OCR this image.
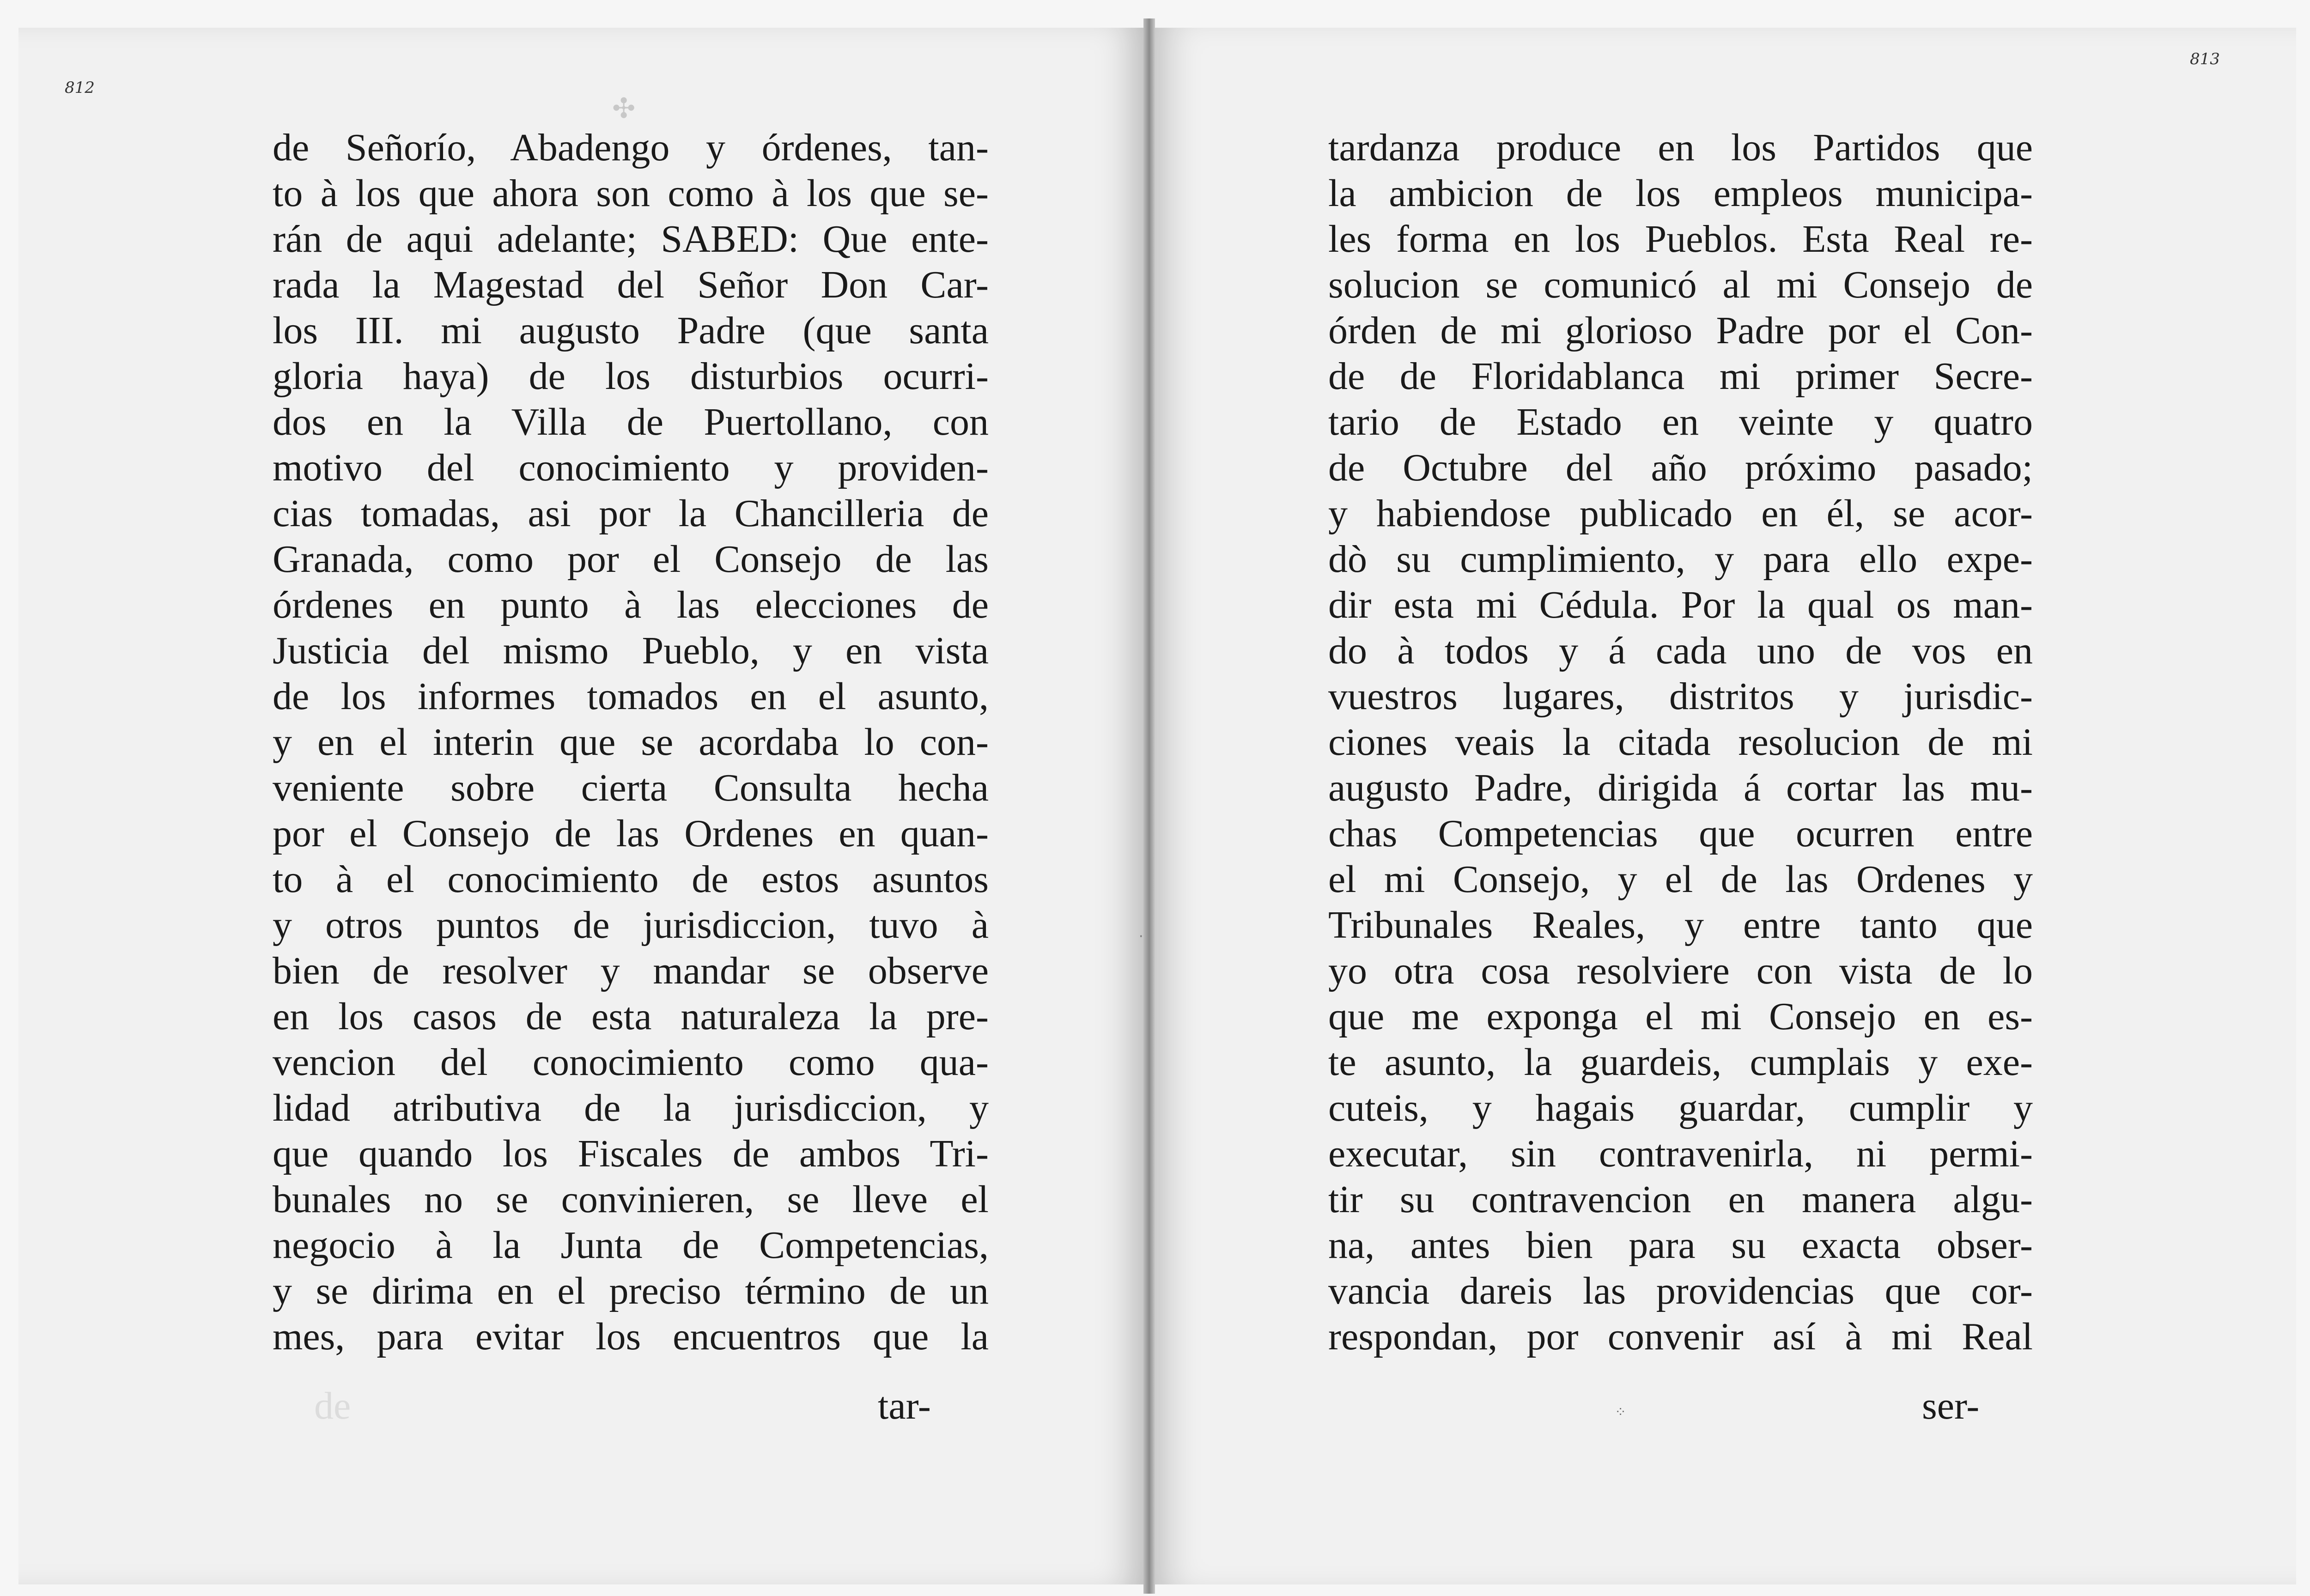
812
813
✣
de Señorío, Abadengo y órdenes, tan-
to à los que ahora son como à los que se-
rán de aqui adelante; SABED: Que ente-
rada la Magestad del Señor Don Car-
los III. mi augusto Padre (que santa
gloria haya) de los disturbios ocurri-
dos en la Villa de Puertollano, con
motivo del conocimiento y providen-
cias tomadas, asi por la Chancilleria de
Granada, como por el Consejo de las
órdenes en punto à las elecciones de
Justicia del mismo Pueblo, y en vista
de los informes tomados en el asunto,
y en el interin que se acordaba lo con-
veniente sobre cierta Consulta hecha
por el Consejo de las Ordenes en quan-
to à el conocimiento de estos asuntos
y otros puntos de jurisdiccion, tuvo à
bien de resolver y mandar se observe
en los casos de esta naturaleza la pre-
vencion del conocimiento como qua-
lidad atributiva de la jurisdiccion, y
que quando los Fiscales de ambos Tri-
bunales no se convinieren, se lleve el
negocio à la Junta de Competencias,
y se dirima en el preciso término de un
mes, para evitar los encuentros que la
tardanza produce en los Partidos que
la ambicion de los empleos municipa-
les forma en los Pueblos. Esta Real re-
solucion se comunicó al mi Consejo de
órden de mi glorioso Padre por el Con-
de de Floridablanca mi primer Secre-
tario de Estado en veinte y quatro
de Octubre del año próximo pasado;
y habiendose publicado en él, se acor-
dò su cumplimiento, y para ello expe-
dir esta mi Cédula. Por la qual os man-
do à todos y á cada uno de vos en
vuestros lugares, distritos y jurisdic-
ciones veais la citada resolucion de mi
augusto Padre, dirigida á cortar las mu-
chas Competencias que ocurren entre
el mi Consejo, y el de las Ordenes y
Tribunales Reales, y entre tanto que
yo otra cosa resolviere con vista de lo
que me exponga el mi Consejo en es-
te asunto, la guardeis, cumplais y exe-
cuteis, y hagais guardar, cumplir y
executar, sin contravenirla, ni permi-
tir su contravencion en manera algu-
na, antes bien para su exacta obser-
vancia dareis las providencias que cor-
respondan, por convenir así à mi Real
de	tar-	ser-
⁘
·
